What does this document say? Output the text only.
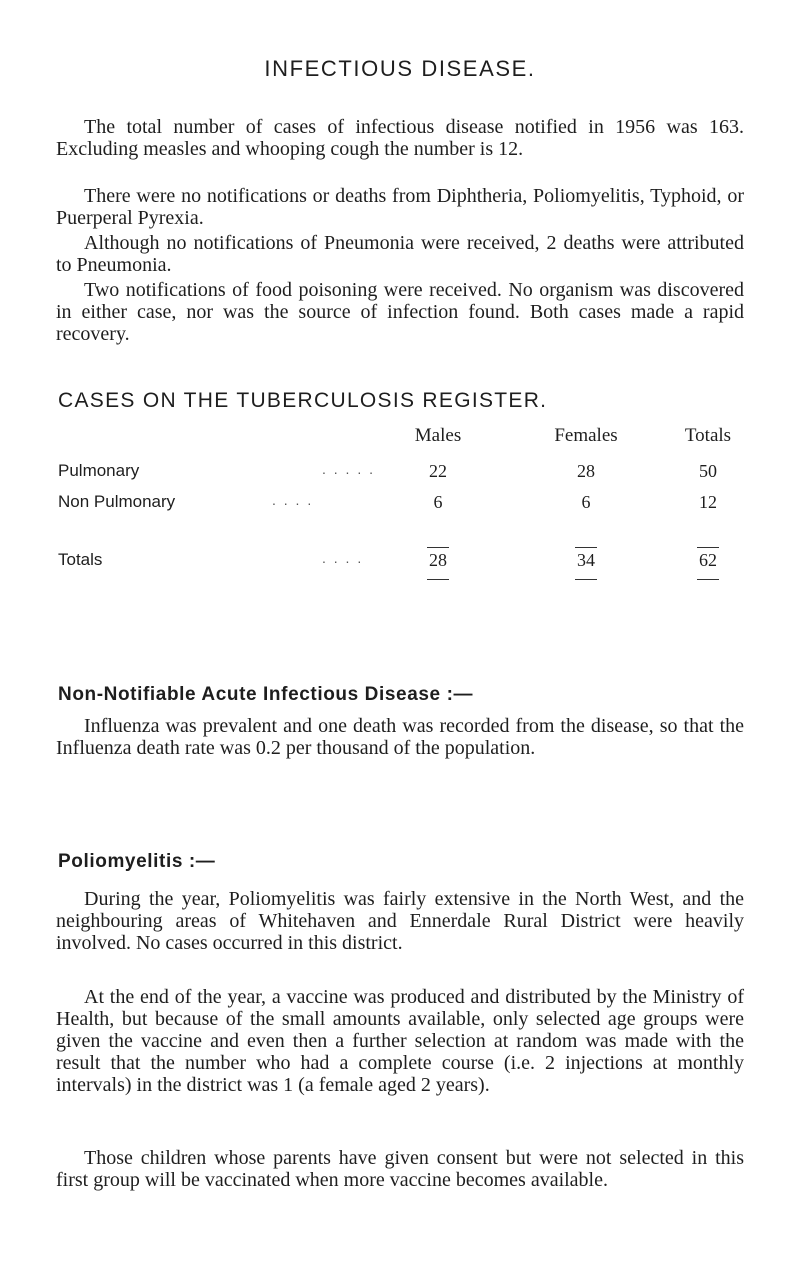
INFECTIOUS DISEASE.

The total number of cases of infectious disease notified in 1956 was 163. Excluding measles and whooping cough the number is 12.

There were no notifications or deaths from Diphtheria, Poliomyelitis, Typhoid, or Puerperal Pyrexia.

Although no notifications of Pneumonia were received, 2 deaths were attributed to Pneumonia.

Two notifications of food poisoning were received. No organism was discovered in either case, nor was the source of infection found. Both cases made a rapid recovery.

CASES ON THE TUBERCULOSIS REGISTER.
Males	Females	Totals
Pulmonary	. . . . .	22	28	50
Non Pulmonary	. . . .	6	6	12
Totals	. . . .	28	34	62
Non-Notifiable Acute Infectious Disease :—

Influenza was prevalent and one death was recorded from the disease, so that the Influenza death rate was 0.2 per thousand of the population.

Poliomyelitis :—

During the year, Poliomyelitis was fairly extensive in the North West, and the neighbouring areas of Whitehaven and Ennerdale Rural District were heavily involved. No cases occurred in this district.

At the end of the year, a vaccine was produced and distributed by the Ministry of Health, but because of the small amounts available, only selected age groups were given the vaccine and even then a further selection at random was made with the result that the number who had a complete course (i.e. 2 injections at monthly intervals) in the district was 1 (a female aged 2 years).

Those children whose parents have given consent but were not selected in this first group will be vaccinated when more vaccine becomes available.
